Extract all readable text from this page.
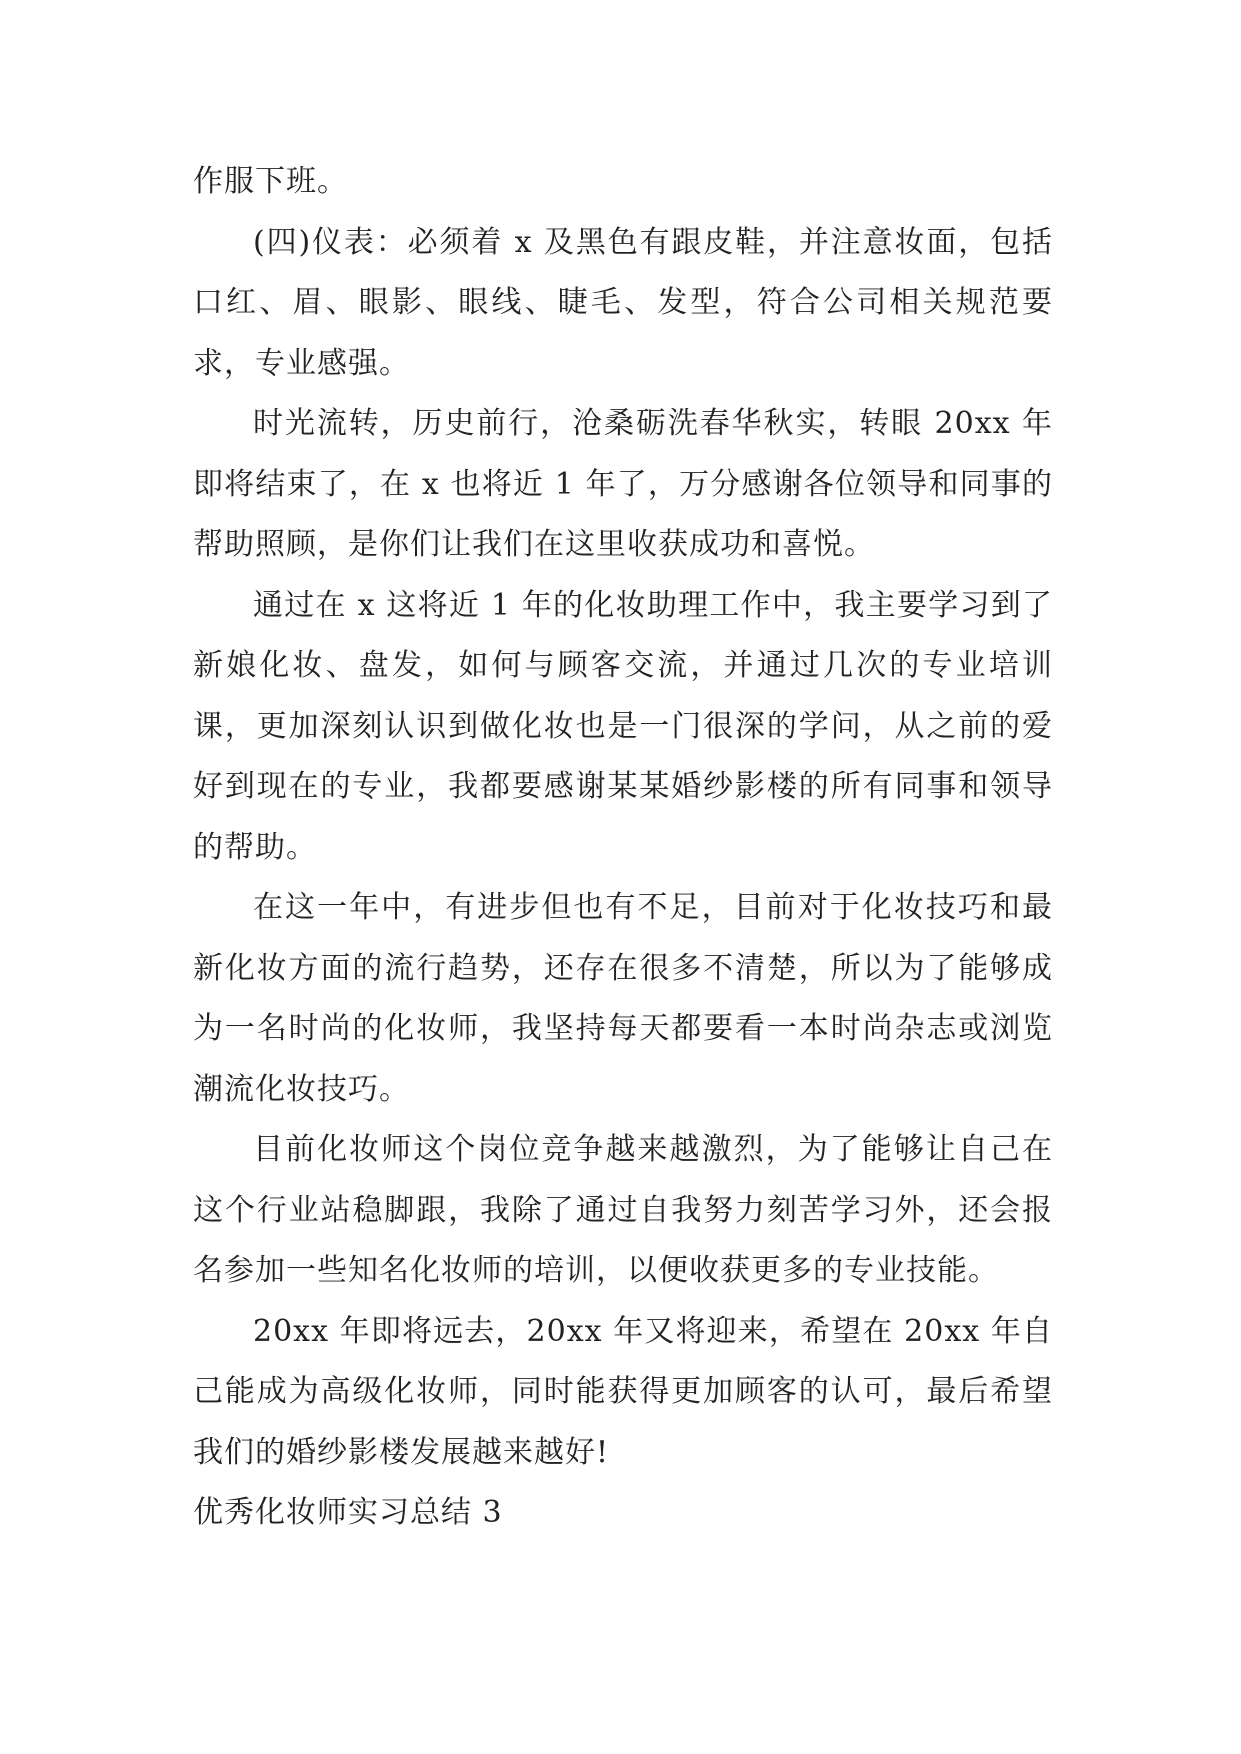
作服下班。

(四)仪表：必须着 x 及黑色有跟皮鞋，并注意妆面，包括口红、眉、眼影、眼线、睫毛、发型，符合公司相关规范要求，专业感强。

时光流转，历史前行，沧桑砺洗春华秋实，转眼 20xx 年即将结束了，在 x 也将近 1 年了，万分感谢各位领导和同事的帮助照顾，是你们让我们在这里收获成功和喜悦。

通过在 x 这将近 1 年的化妆助理工作中，我主要学习到了新娘化妆、盘发，如何与顾客交流，并通过几次的专业培训课，更加深刻认识到做化妆也是一门很深的学问，从之前的爱好到现在的专业，我都要感谢某某婚纱影楼的所有同事和领导的帮助。

在这一年中，有进步但也有不足，目前对于化妆技巧和最新化妆方面的流行趋势，还存在很多不清楚，所以为了能够成为一名时尚的化妆师，我坚持每天都要看一本时尚杂志或浏览潮流化妆技巧。

目前化妆师这个岗位竞争越来越激烈，为了能够让自己在这个行业站稳脚跟，我除了通过自我努力刻苦学习外，还会报名参加一些知名化妆师的培训，以便收获更多的专业技能。

20xx 年即将远去，20xx 年又将迎来，希望在 20xx 年自己能成为高级化妆师，同时能获得更加顾客的认可，最后希望我们的婚纱影楼发展越来越好!

优秀化妆师实习总结 3
